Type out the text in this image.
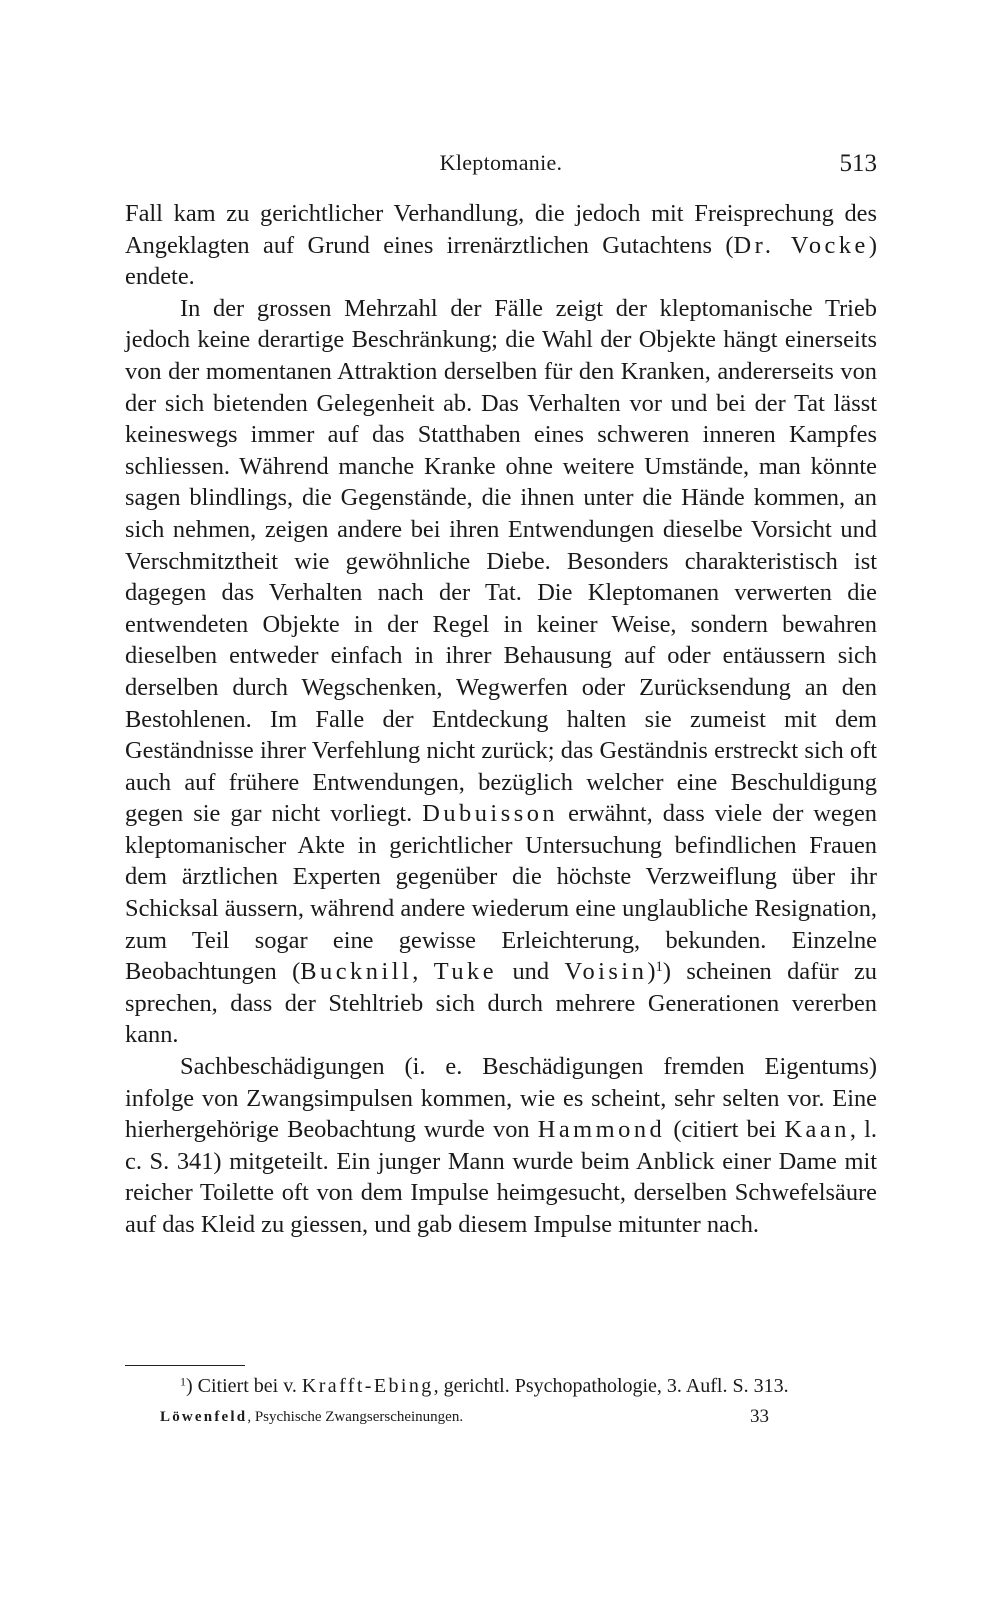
Kleptomanie.	513

Fall kam zu gerichtlicher Verhandlung, die jedoch mit Freisprechung des Angeklagten auf Grund eines irrenärztlichen Gutachtens (Dr. Vocke) endete.

In der grossen Mehrzahl der Fälle zeigt der kleptomanische Trieb jedoch keine derartige Beschränkung; die Wahl der Objekte hängt einerseits von der momentanen Attraktion derselben für den Kranken, andererseits von der sich bietenden Gelegenheit ab. Das Verhalten vor und bei der Tat lässt keineswegs immer auf das Statthaben eines schweren inneren Kampfes schliessen. Während manche Kranke ohne weitere Umstände, man könnte sagen blindlings, die Gegenstände, die ihnen unter die Hände kommen, an sich nehmen, zeigen andere bei ihren Entwendungen dieselbe Vorsicht und Verschmitztheit wie gewöhnliche Diebe. Besonders charakteristisch ist dagegen das Verhalten nach der Tat. Die Kleptomanen verwerten die entwendeten Objekte in der Regel in keiner Weise, sondern bewahren dieselben entweder einfach in ihrer Behausung auf oder entäussern sich derselben durch Wegschenken, Wegwerfen oder Zurücksendung an den Bestohlenen. Im Falle der Entdeckung halten sie zumeist mit dem Geständnisse ihrer Verfehlung nicht zurück; das Geständnis erstreckt sich oft auch auf frühere Entwendungen, bezüglich welcher eine Beschuldigung gegen sie gar nicht vorliegt. Dubuisson erwähnt, dass viele der wegen kleptomanischer Akte in gerichtlicher Untersuchung befindlichen Frauen dem ärztlichen Experten gegenüber die höchste Verzweiflung über ihr Schicksal äussern, während andere wiederum eine unglaubliche Resignation, zum Teil sogar eine gewisse Erleichterung, bekunden. Einzelne Beobachtungen (Bucknill, Tuke und Voisin)$^1$) scheinen dafür zu sprechen, dass der Stehltrieb sich durch mehrere Generationen vererben kann.

Sachbeschädigungen (i. e. Beschädigungen fremden Eigentums) infolge von Zwangsimpulsen kommen, wie es scheint, sehr selten vor. Eine hierhergehörige Beobachtung wurde von Hammond (citiert bei Kaan, l. c. S. 341) mitgeteilt. Ein junger Mann wurde beim Anblick einer Dame mit reicher Toilette oft von dem Impulse heimgesucht, derselben Schwefelsäure auf das Kleid zu giessen, und gab diesem Impulse mitunter nach.

$^1$) Citiert bei v. Krafft-Ebing, gerichtl. Psychopathologie, 3. Aufl. S. 313.
Löwenfeld, Psychische Zwangserscheinungen.	33
